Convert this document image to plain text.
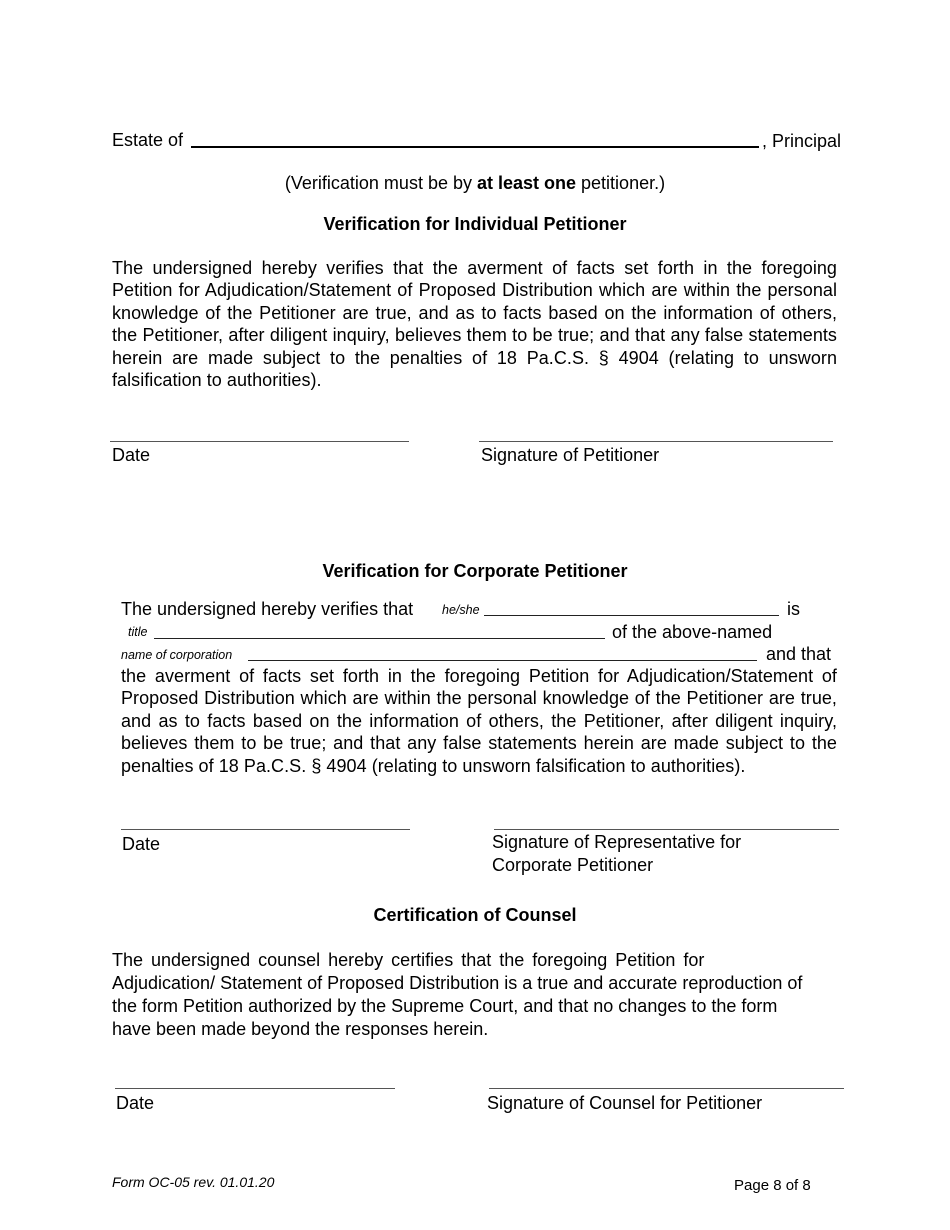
Estate of	, Principal
(Verification must be by at least one petitioner.)
Verification for Individual Petitioner
The undersigned hereby verifies that the averment of facts set forth in the foregoing Petition for Adjudication/Statement of Proposed Distribution which are within the personal knowledge of the Petitioner are true, and as to facts based on the information of others, the Petitioner, after diligent inquiry, believes them to be true; and that any false statements herein are made subject to the penalties of 18 Pa.C.S. § 4904 (relating to unsworn falsification to authorities).
Date	Signature of Petitioner
Verification for Corporate Petitioner
The undersigned hereby verifies that he/she	is
title	of the above-named
name of corporation	and that
the averment of facts set forth in the foregoing Petition for Adjudication/Statement of Proposed Distribution which are within the personal knowledge of the Petitioner are true, and as to facts based on the information of others, the Petitioner, after diligent inquiry, believes them to be true; and that any false statements herein are made subject to the penalties of 18 Pa.C.S. § 4904 (relating to unsworn falsification to authorities).
Date	Signature of Representative for
Corporate Petitioner
Certification of Counsel
The undersigned counsel hereby certifies that the foregoing Petition for
Adjudication/ Statement of Proposed Distribution is a true and accurate reproduction of
the form Petition authorized by the Supreme Court, and that no changes to the form
have been made beyond the responses herein.
Date	Signature of Counsel for Petitioner
Form OC-05 rev. 01.01.20	Page 8 of 8
